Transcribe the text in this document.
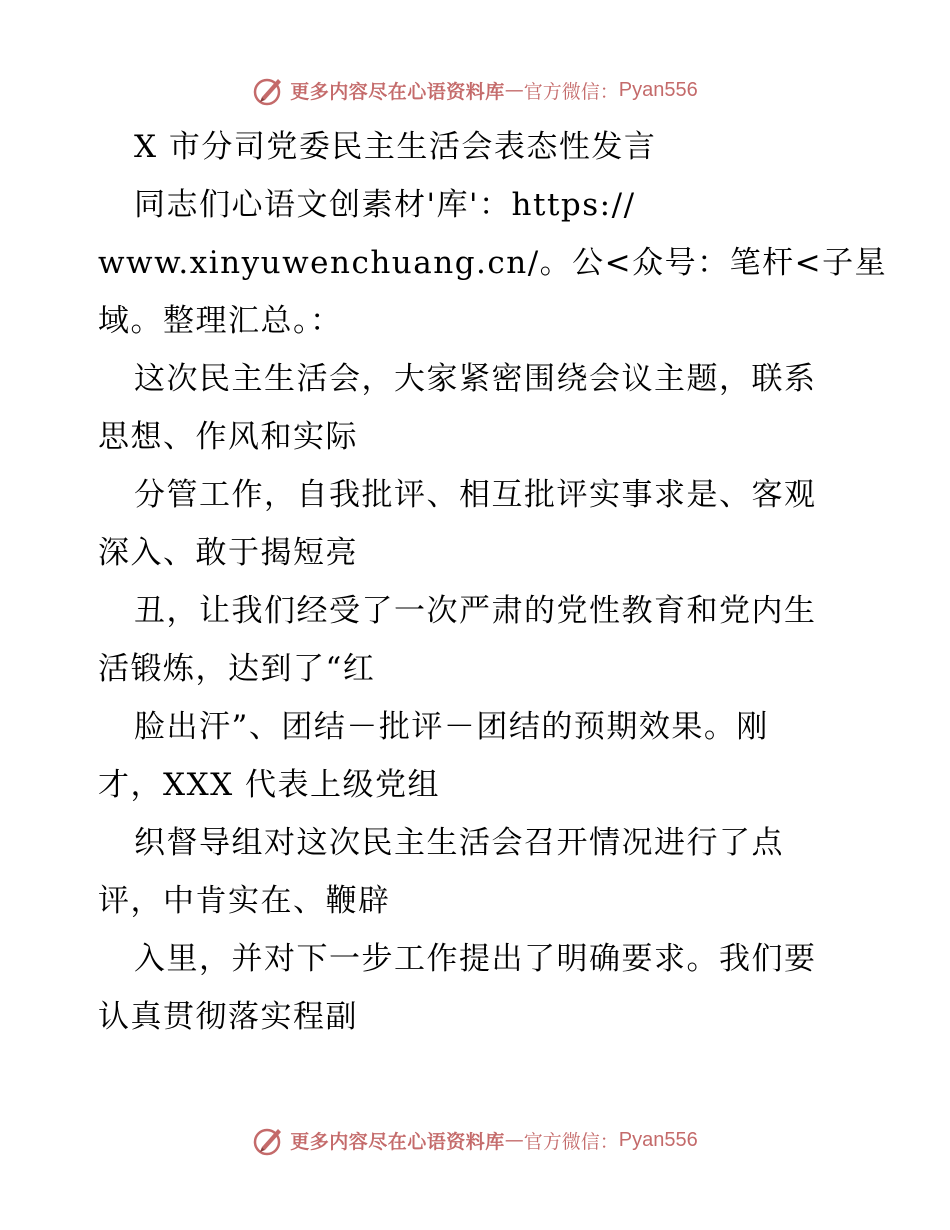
更多内容尽在心语资料库 — 官方微信： Pyan556
X 市分司党委民主生活会表态性发言
同志们心语文创素材'库'：https://
www.xinyuwenchuang.cn/。公<众号：笔杆<子星
域。整理汇总。：
这次民主生活会，大家紧密围绕会议主题，联系
思想、作风和实际
分管工作，自我批评、相互批评实事求是、客观
深入、敢于揭短亮
丑，让我们经受了一次严肃的党性教育和党内生
活锻炼，达到了“红
脸出汗”、团结－批评－团结的预期效果。刚
才，XXX 代表上级党组
织督导组对这次民主生活会召开情况进行了点
评，中肯实在、鞭辟
入里，并对下一步工作提出了明确要求。我们要
认真贯彻落实程副
更多内容尽在心语资料库 — 官方微信： Pyan556
